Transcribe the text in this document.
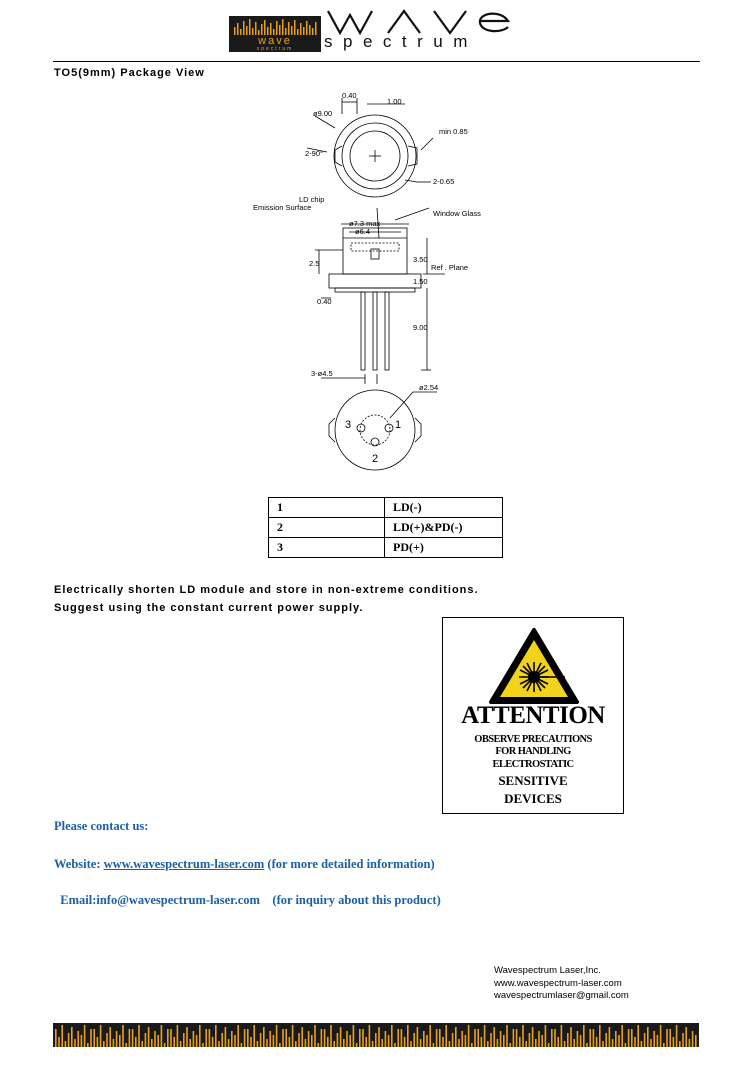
wave
spectrum	spectrum
TO5(9mm) Package View
0.40
1.00
ø9.00
2-90°
min 0.85
2-0.65
LD chip
Emission Surface
ø7.3 max
ø6.4
Window Glass
2.5	3.50
Ref . Plane
1.50
0.40
9.00
3-ø4.5
ø2.54
1
2
3
1	LD(-)
2	LD(+)&PD(-)
3	PD(+)
Electrically shorten LD module and store in non-extreme conditions.
Suggest using the constant current power supply.
ATTENTION
OBSERVE PRECAUTIONS
FOR HANDLING
ELECTROSTATIC
SENSITIVE
DEVICES
Please contact us:
Website: www.wavespectrum-laser.com (for more detailed information)

Email:info@wavespectrum-laser.com    (for inquiry about this product)

Wavespectrum Laser,Inc.
www.wavespectrum-laser.com
wavespectrumlaser@gmail.com
